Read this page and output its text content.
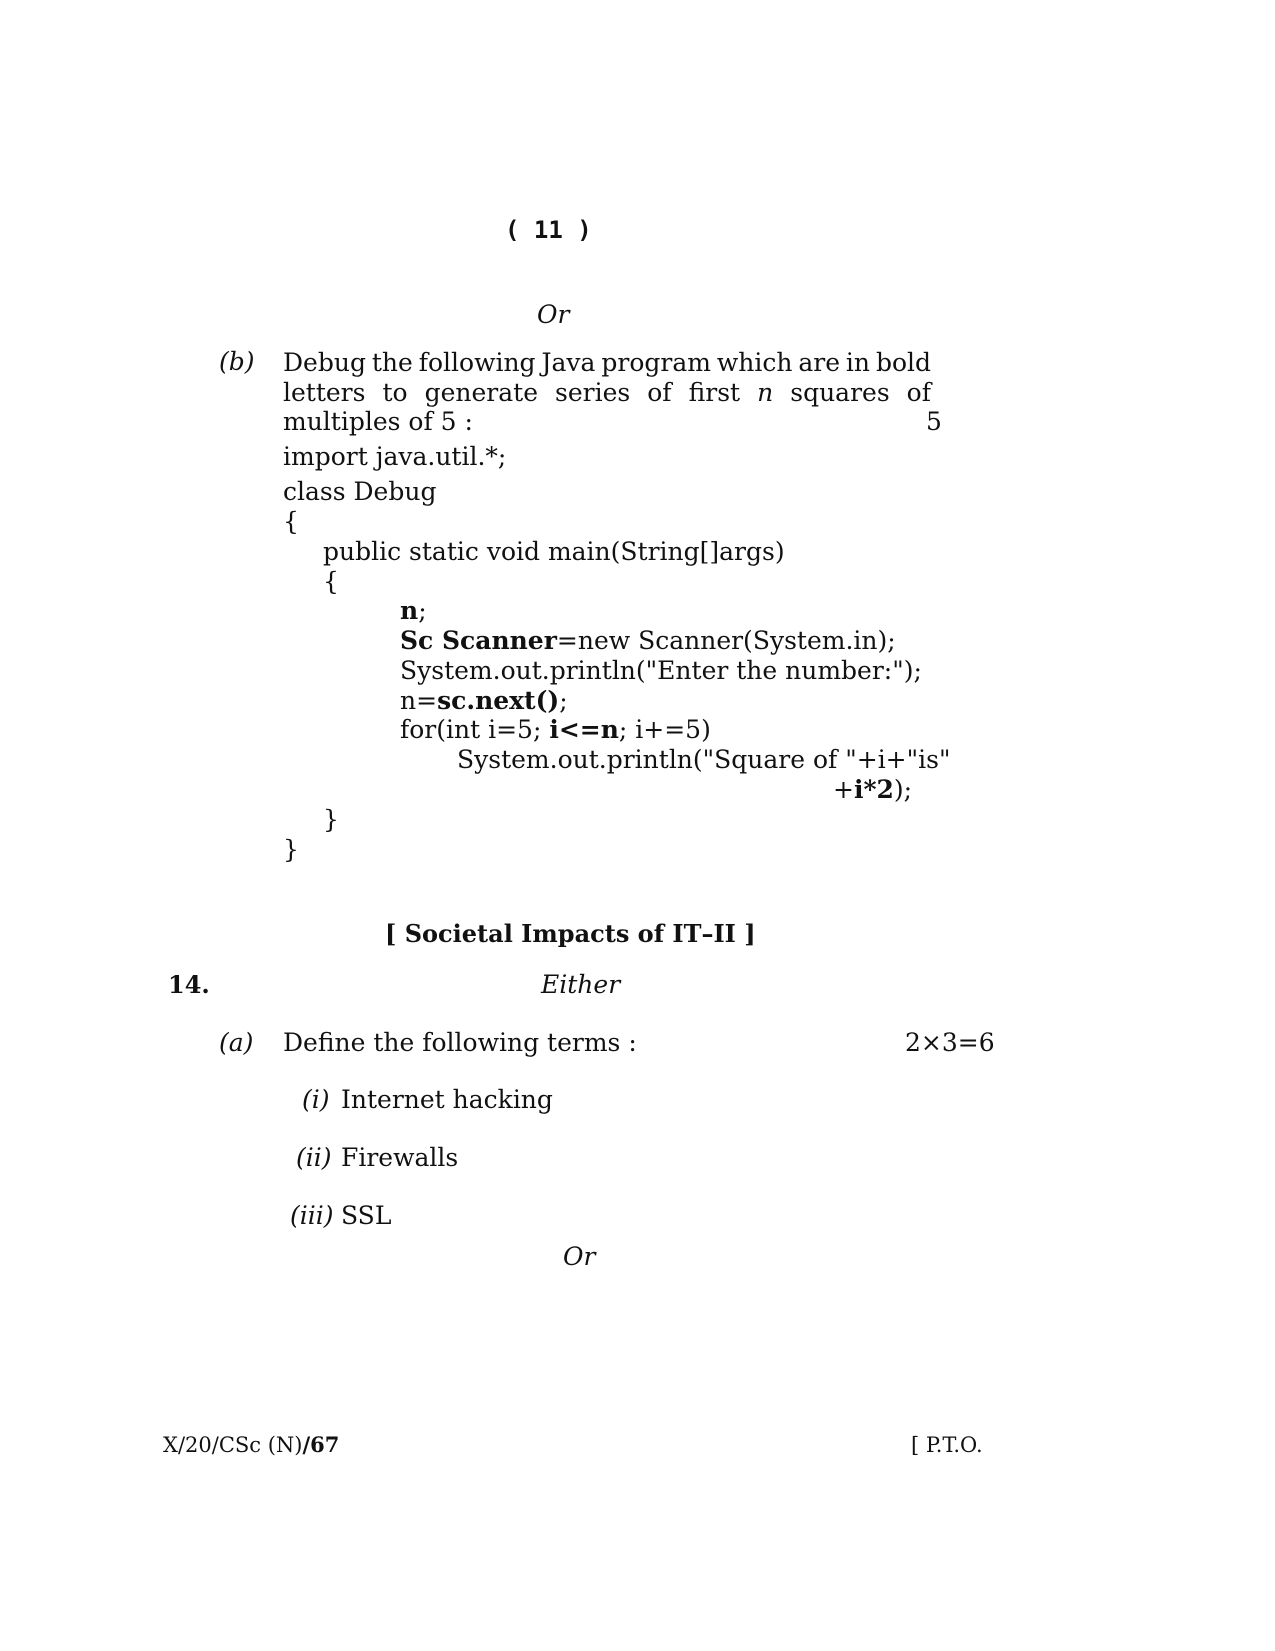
( 11 )
Or
(b) Debug the following Java program which are in bold
letters to generate series of first n squares of
multiples of 5 :	5
import java.util.*;
class Debug
{
public static void main(String[]args)
{
n;
Sc Scanner=new Scanner(System.in);
System.out.println("Enter the number:");
n=sc.next();
for(int i=5; i<=n; i+=5)
System.out.println("Square of "+i+"is"
+i*2);
}
}
[ Societal Impacts of IT–II ]
14.	Either
(a) Define the following terms :	2×3=6
(i) Internet hacking
(ii) Firewalls
(iii) SSL
Or
X/20/CSc (N)/67	[ P.T.O.
